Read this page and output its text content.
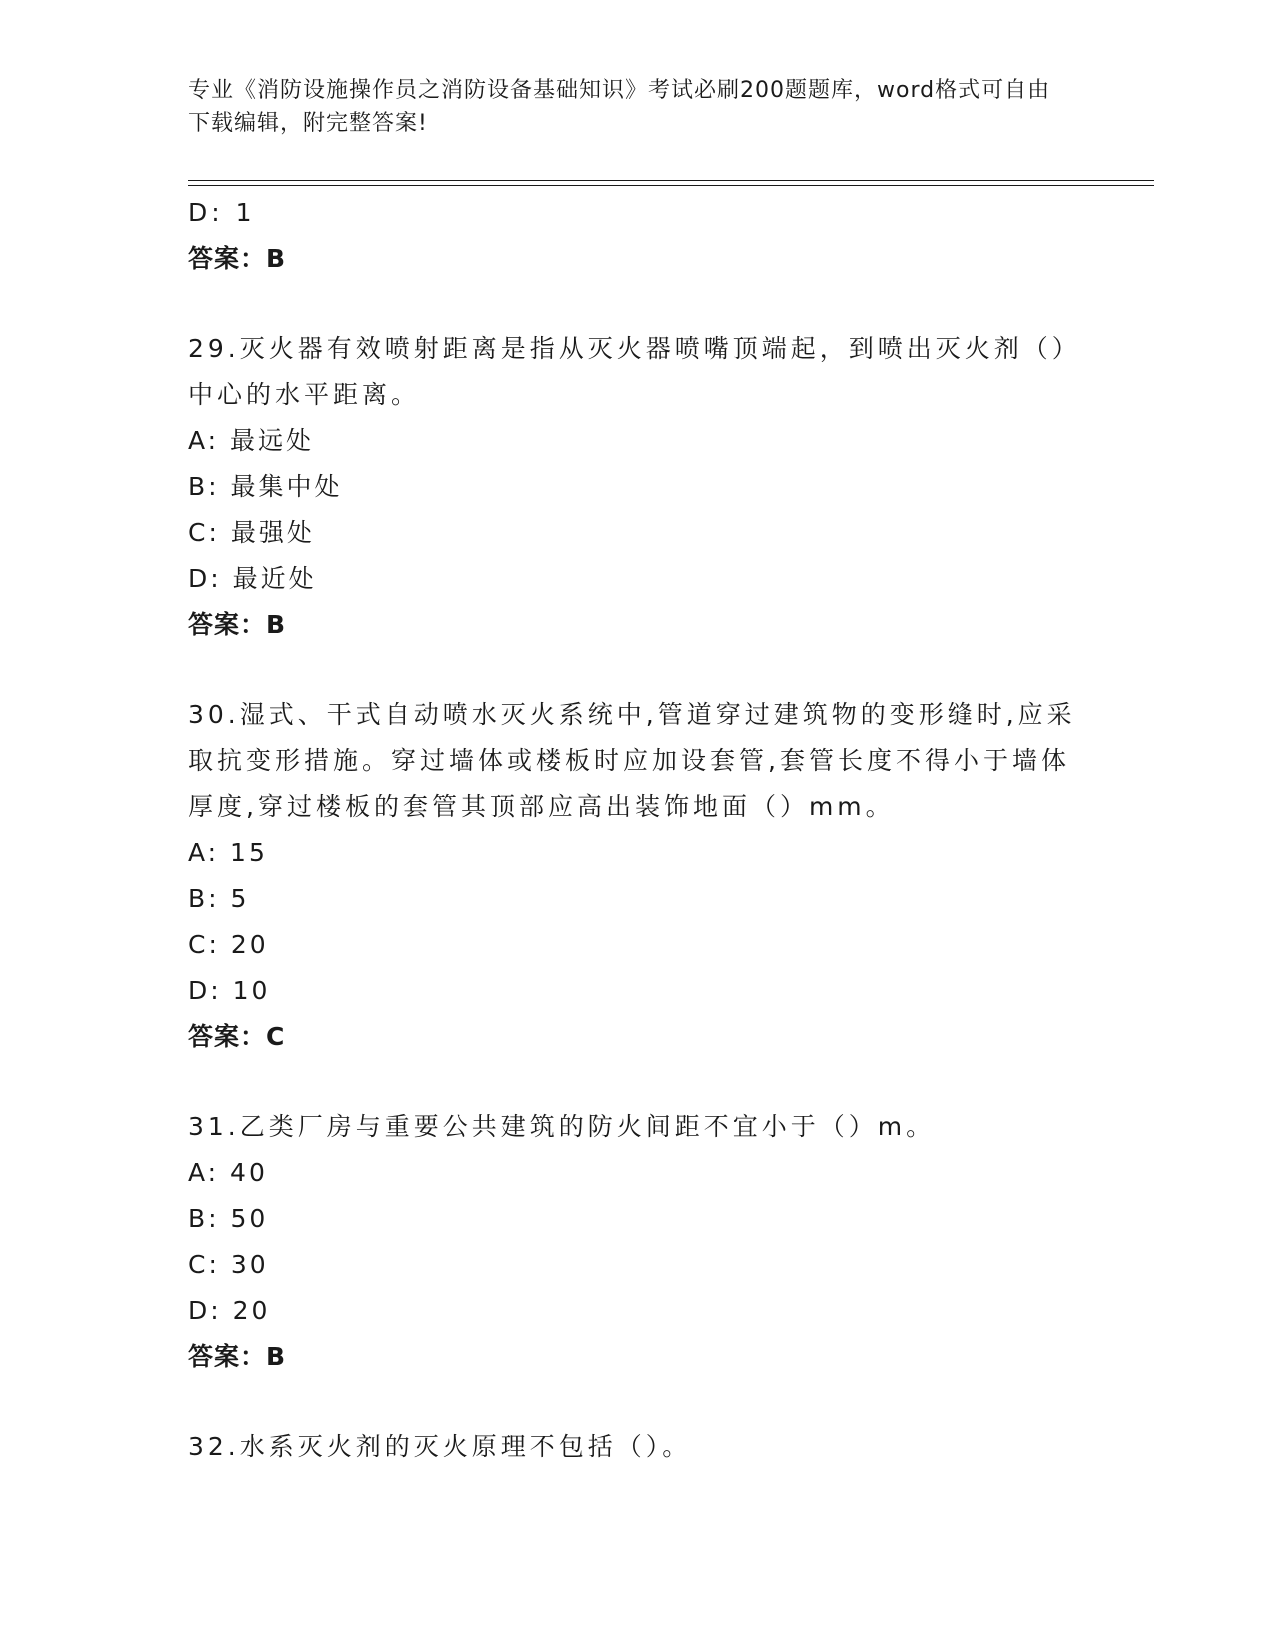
专业《消防设施操作员之消防设备基础知识》考试必刷200题题库，word格式可自由下载编辑，附完整答案!
D: 1
答案：B
29.灭火器有效喷射距离是指从灭火器喷嘴顶端起，到喷出灭火剂（）中心的水平距离。
A: 最远处
B: 最集中处
C: 最强处
D: 最近处
答案：B
30.湿式、干式自动喷水灭火系统中,管道穿过建筑物的变形缝时,应采取抗变形措施。穿过墙体或楼板时应加设套管,套管长度不得小于墙体厚度,穿过楼板的套管其顶部应高出装饰地面（）mm。
A: 15
B: 5
C: 20
D: 10
答案：C
31.乙类厂房与重要公共建筑的防火间距不宜小于（）m。
A: 40
B: 50
C: 30
D: 20
答案：B
32.水系灭火剂的灭火原理不包括（）。
